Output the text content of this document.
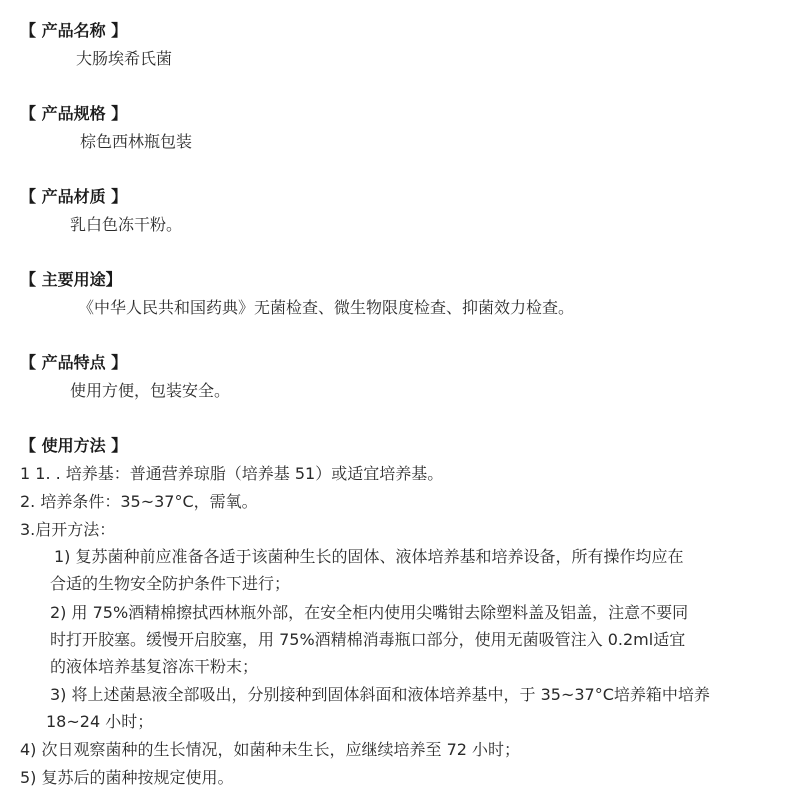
【 产品名称 】
大肠埃希氏菌
【 产品规格 】
棕色西林瓶包装
【 产品材质 】
乳白色冻干粉。
【 主要用途】
《中华人民共和国药典》无菌检查、微生物限度检查、抑菌效力检查。
【 产品特点 】
使用方便，包装安全。
【 使用方法 】
1 1. . 培养基：普通营养琼脂（培养基 51）或适宜培养基。
2. 培养条件：35~37°C，需氧。
3.启开方法：
1) 复苏菌种前应准备各适于该菌种生长的固体、液体培养基和培养设备，所有操作均应在
合适的生物安全防护条件下进行；
2) 用 75%酒精棉擦拭西林瓶外部，在安全柜内使用尖嘴钳去除塑料盖及铝盖，注意不要同
时打开胶塞。缓慢开启胶塞，用 75%酒精棉消毒瓶口部分，使用无菌吸管注入 0.2ml适宜
的液体培养基复溶冻干粉末；
3) 将上述菌悬液全部吸出，分别接种到固体斜面和液体培养基中，于 35~37°C培养箱中培养
18~24 小时；
4) 次日观察菌种的生长情况，如菌种未生长，应继续培养至 72 小时；
5) 复苏后的菌种按规定使用。
